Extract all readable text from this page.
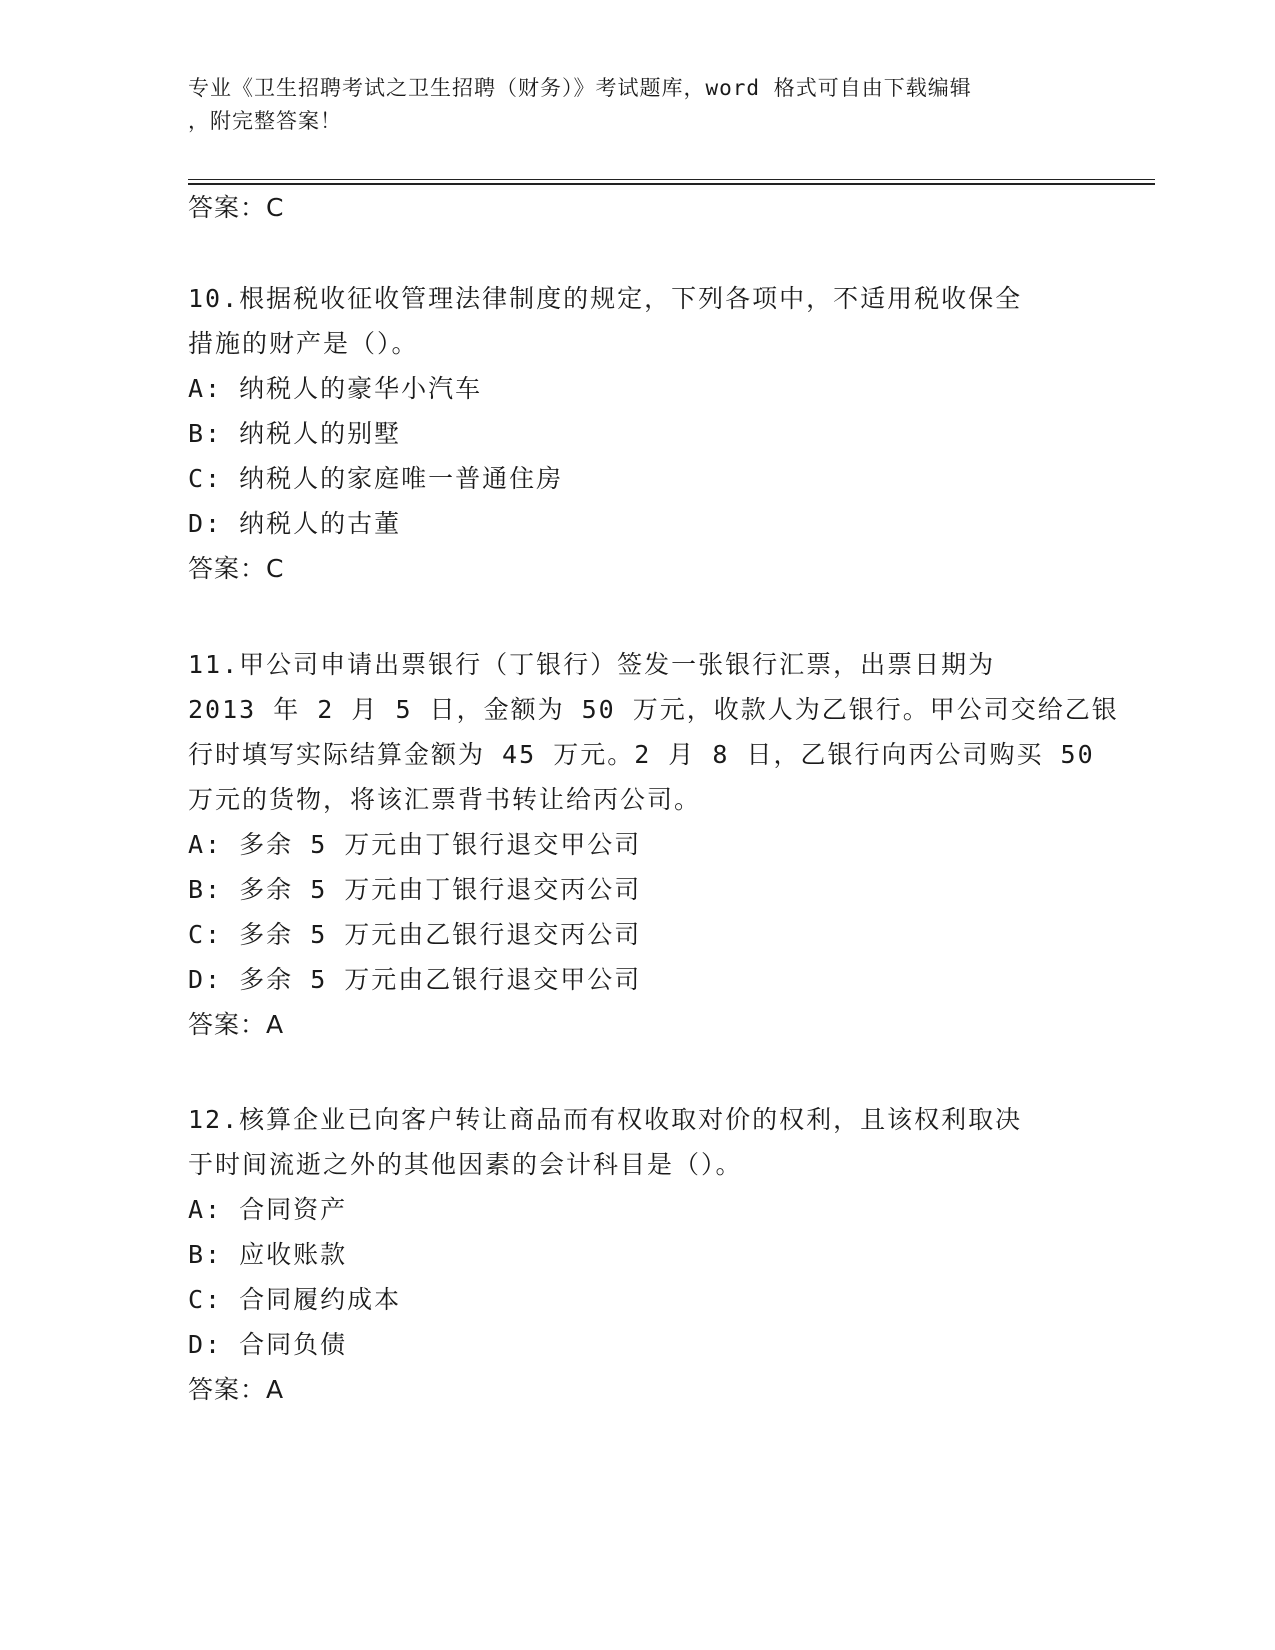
专业《卫生招聘考试之卫生招聘（财务）》考试题库，word 格式可自由下载编辑

，附完整答案！

答案：C

10.根据税收征收管理法律制度的规定，下列各项中，不适用税收保全

措施的财产是（）。

A: 纳税人的豪华小汽车

B: 纳税人的别墅

C: 纳税人的家庭唯一普通住房

D: 纳税人的古董

答案：C

11.甲公司申请出票银行（丁银行）签发一张银行汇票，出票日期为

2013 年 2 月 5 日，金额为 50 万元，收款人为乙银行。甲公司交给乙银

行时填写实际结算金额为 45 万元。2 月 8 日，乙银行向丙公司购买 50

万元的货物，将该汇票背书转让给丙公司。

A: 多余 5 万元由丁银行退交甲公司

B: 多余 5 万元由丁银行退交丙公司

C: 多余 5 万元由乙银行退交丙公司

D: 多余 5 万元由乙银行退交甲公司

答案：A

12.核算企业已向客户转让商品而有权收取对价的权利，且该权利取决

于时间流逝之外的其他因素的会计科目是（）。

A: 合同资产

B: 应收账款

C: 合同履约成本

D: 合同负债

答案：A
